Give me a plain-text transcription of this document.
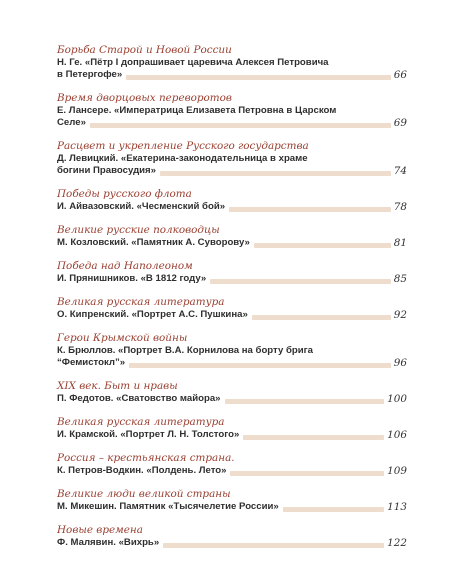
Борьба Старой и Новой России
Н. Ге. «Пётр I допрашивает царевича Алексея Петровича в Петергофе»	66
Время дворцовых переворотов
Е. Лансере. «Императрица Елизавета Петровна в Царском Селе»	69
Расцвет и укрепление Русского государства
Д. Левицкий. «Екатерина-законодательница в храме богини Правосудия»	74
Победы русского флота
И. Айвазовский. «Чесменский бой»	78
Великие русские полководцы
М. Козловский. «Памятник А. Суворову»	81
Победа над Наполеоном
И. Прянишников. «В 1812 году»	85
Великая русская литература
О. Кипренский. «Портрет А.С. Пушкина»	92
Герои Крымской войны
К. Брюллов. «Портрет В.А. Корнилова на борту брига “Фемистокл”»	96
XIX век. Быт и нравы
П. Федотов. «Сватовство майора»	100
Великая русская литература
И. Крамской. «Портрет Л. Н. Толстого»	106
Россия – крестьянская страна.
К. Петров-Водкин. «Полдень. Лето»	109
Великие люди великой страны
М. Микешин. Памятник «Тысячелетие России»	113
Новые времена
Ф. Малявин. «Вихрь»	122
